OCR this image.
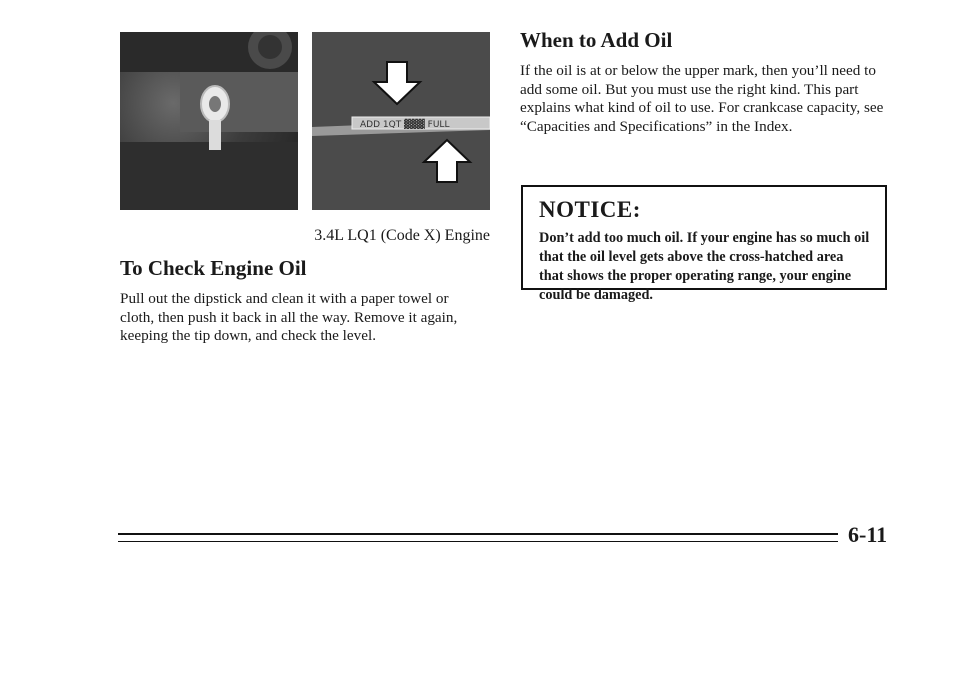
ADD 1QT ▓▓▓ FULL
3.4L LQ1 (Code X) Engine
To Check Engine Oil

Pull out the dipstick and clean it with a paper towel or cloth, then push it back in all the way. Remove it again, keeping the tip down, and check the level.

When to Add Oil

If the oil is at or below the upper mark, then you’ll need to add some oil. But you must use the right kind. This part explains what kind of oil to use. For crankcase capacity, see “Capacities and Specifications” in the Index.

NOTICE:

Don’t add too much oil. If your engine has so much oil that the oil level gets above the cross-hatched area that shows the proper operating range, your engine could be damaged.

6-11
